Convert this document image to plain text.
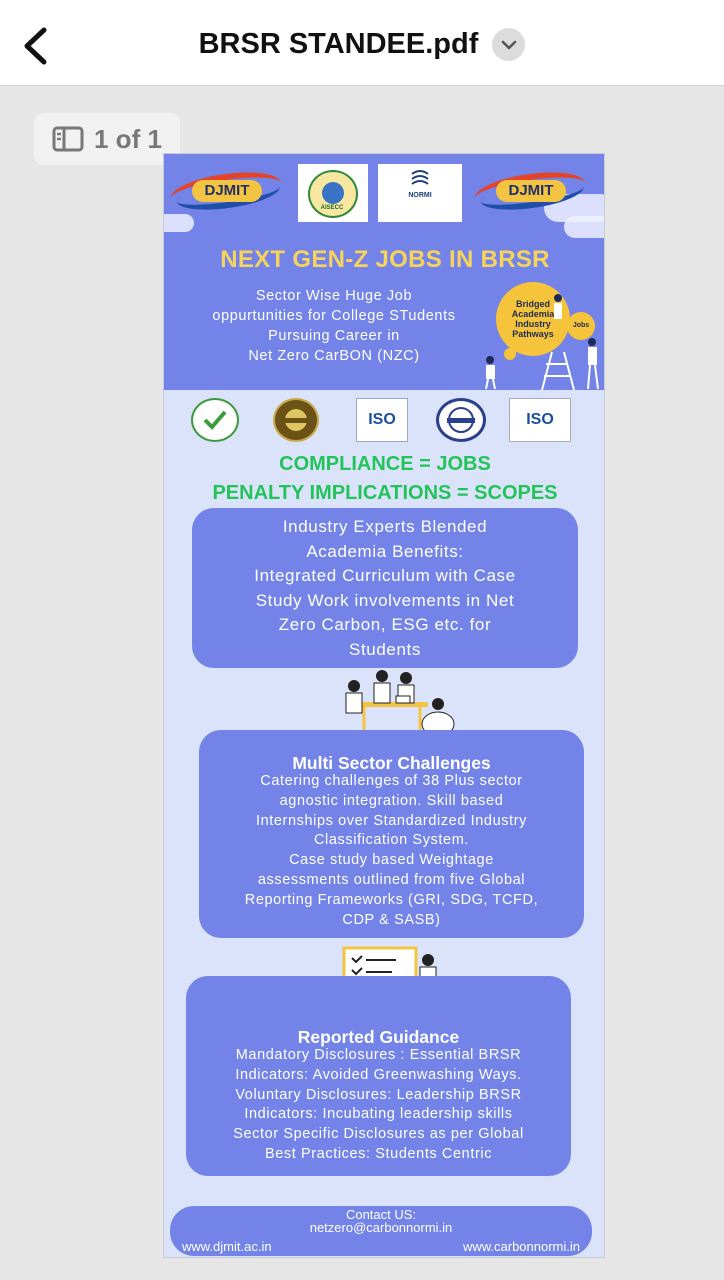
BRSR STANDEE.pdf
1 of 1
DJMIT
AISECC
NORMI	DJMIT
NEXT GEN-Z JOBS IN BRSR
Sector Wise Huge Job
oppurtunities for College STudents
Pursuing Career in
Net Zero CarBON (NZC)
Bridged
Academia
Industry
Pathways
Jobs
ISO	ISO
COMPLIANCE = JOBS
PENALTY IMPLICATIONS = SCOPES
Industry Experts Blended
Academia Benefits:
Integrated Curriculum with Case
Study Work involvements in Net
Zero Carbon, ESG etc. for
Students
Multi Sector Challenges
Catering challenges of 38 Plus sector
agnostic integration. Skill based
Internships over Standardized Industry
Classification System.
Case study based Weightage
assessments outlined from five Global
Reporting Frameworks (GRI, SDG, TCFD,
CDP & SASB)
Reported Guidance
Mandatory Disclosures : Essential BRSR
Indicators: Avoided Greenwashing Ways.
Voluntary Disclosures: Leadership BRSR
Indicators: Incubating leadership skills
Sector Specific Disclosures as per Global
Best Practices: Students Centric
Contact US:
netzero@carbonnormi.in
www.djmit.ac.in	www.carbonnormi.in
